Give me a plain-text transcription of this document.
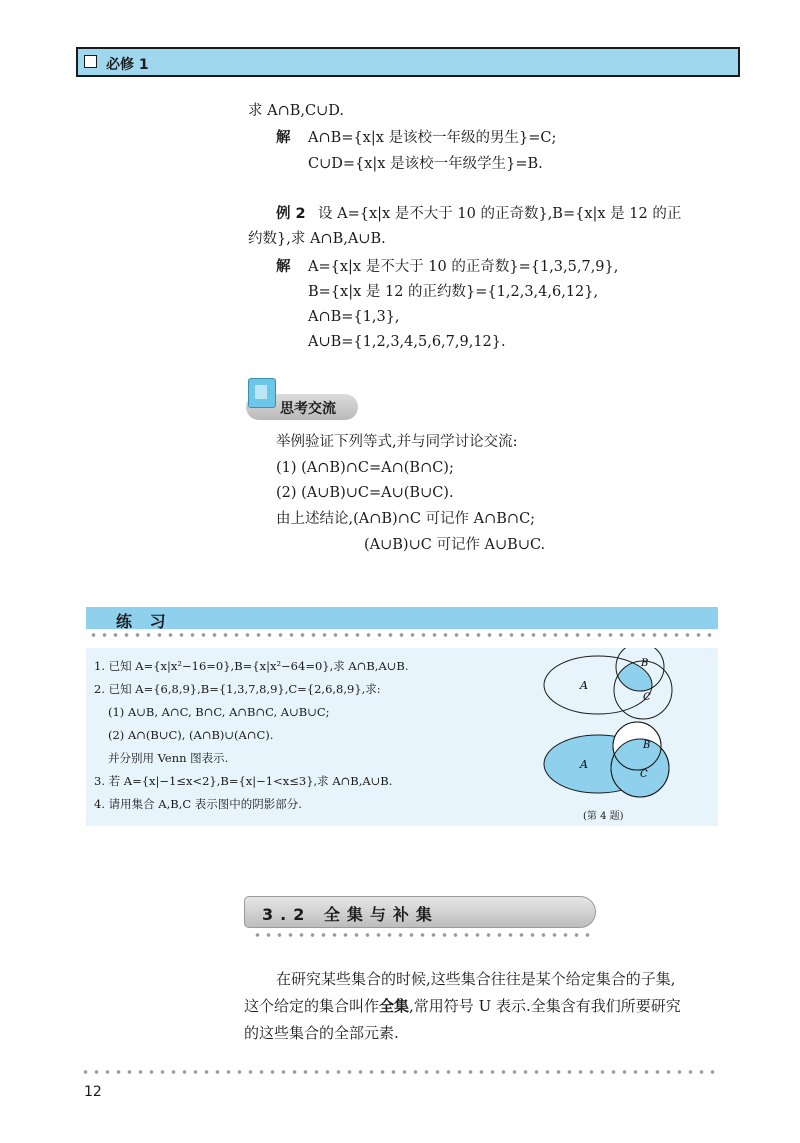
必修 1
求 A∩B,C∪D.
解 A∩B={x|x 是该校一年级的男生}=C;
C∪D={x|x 是该校一年级学生}=B.
例 2 设 A={x|x 是不大于 10 的正奇数},B={x|x 是 12 的正
约数},求 A∩B,A∪B.
解 A={x|x 是不大于 10 的正奇数}={1,3,5,7,9},
B={x|x 是 12 的正约数}={1,2,3,4,6,12},
A∩B={1,3},
A∪B={1,2,3,4,5,6,7,9,12}.
思考交流
举例验证下列等式,并与同学讨论交流:
(1) (A∩B)∩C=A∩(B∩C);
(2) (A∪B)∪C=A∪(B∪C).
由上述结论,(A∩B)∩C 可记作 A∩B∩C;
(A∪B)∪C 可记作 A∪B∪C.
练 习
1. 已知 A={x|x²−16=0},B={x|x²−64=0},求 A∩B,A∪B.
2. 已知 A={6,8,9},B={1,3,7,8,9},C={2,6,8,9},求:
(1) A∪B, A∩C, B∩C, A∩B∩C, A∪B∪C;
(2) A∩(B∪C), (A∩B)∪(A∩C).
并分别用 Venn 图表示.
3. 若 A={x|−1≤x<2},B={x|−1<x≤3},求 A∩B,A∪B.
4. 请用集合 A,B,C 表示图中的阴影部分.
A
B
C
A
B
C
(第 4 题)
3.2 全集与补集
在研究某些集合的时候,这些集合往往是某个给定集合的子集,
这个给定的集合叫作全集,常用符号 U 表示.全集含有我们所要研究
的这些集合的全部元素.
12
